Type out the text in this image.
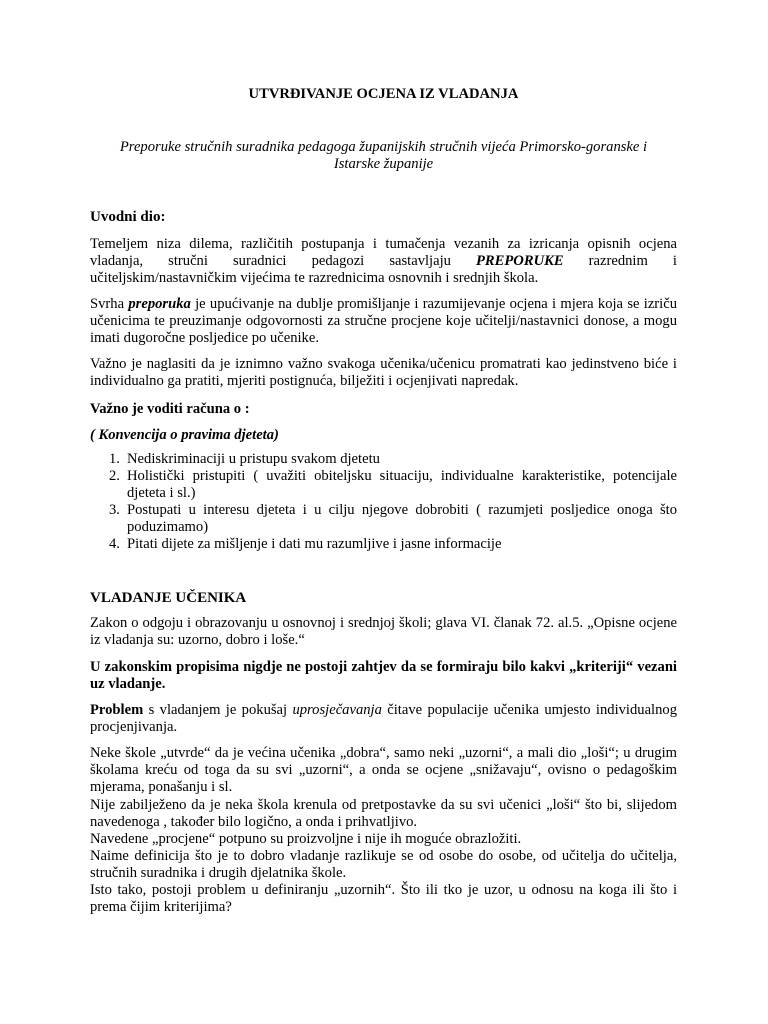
UTVRĐIVANJE OCJENA IZ VLADANJA
Preporuke stručnih suradnika pedagoga županijskih stručnih vijeća Primorsko-goranske i
Istarske županije
Uvodni dio:
Temeljem niza dilema, različitih postupanja i tumačenja vezanih za izricanja opisnih ocjena
vladanja, stručni suradnici pedagozi sastavljaju PREPORUKE razrednim i
učiteljskim/nastavničkim vijećima te razrednicima osnovnih i srednjih škola.
Svrha preporuka je upućivanje na dublje promišljanje i razumijevanje ocjena i mjera koja se izriču učenicima te preuzimanje odgovornosti za stručne procjene koje učitelji/nastavnici donose, a mogu imati dugoročne posljedice po učenike.
Važno je naglasiti da je iznimno važno svakoga učenika/učenicu promatrati kao jedinstveno biće i individualno ga pratiti, mjeriti postignuća, bilježiti i ocjenjivati napredak.
Važno je voditi računa o :
( Konvencija o pravima djeteta)
1. Nediskriminaciji u pristupu svakom djetetu
2. Holistički pristupiti ( uvažiti obiteljsku situaciju, individualne karakteristike, potencijale djeteta i sl.)
3. Postupati u interesu djeteta i u cilju njegove dobrobiti ( razumjeti posljedice onoga što poduzimamo)
4. Pitati dijete za mišljenje i dati mu razumljive i jasne informacije
VLADANJE UČENIKA
Zakon o odgoju i obrazovanju u osnovnoj i srednjoj školi; glava VI. članak 72. al.5. „Opisne ocjene iz vladanja su: uzorno, dobro i loše.“
U zakonskim propisima nigdje ne postoji zahtjev da se formiraju bilo kakvi „kriteriji“ vezani uz vladanje.
Problem s vladanjem je pokušaj uprosječavanja čitave populacije učenika umjesto individualnog procjenjivanja.
Neke škole „utvrde“ da je većina učenika „dobra“, samo neki „uzorni“, a mali dio „loši“; u drugim školama kreću od toga da su svi „uzorni“, a onda se ocjene „snižavaju“, ovisno o pedagoškim mjerama, ponašanju i sl.
Nije zabilježeno da je neka škola krenula od pretpostavke da su svi učenici „loši“ što bi, slijedom navedenoga , također bilo logično, a onda i prihvatljivo.
Navedene „procjene“ potpuno su proizvoljne i nije ih moguće obrazložiti.
Naime definicija što je to dobro vladanje razlikuje se od osobe do osobe, od učitelja do učitelja, stručnih suradnika i drugih djelatnika škole.
Isto tako, postoji problem u definiranju „uzornih“. Što ili tko je uzor, u odnosu na koga ili što i prema čijim kriterijima?
